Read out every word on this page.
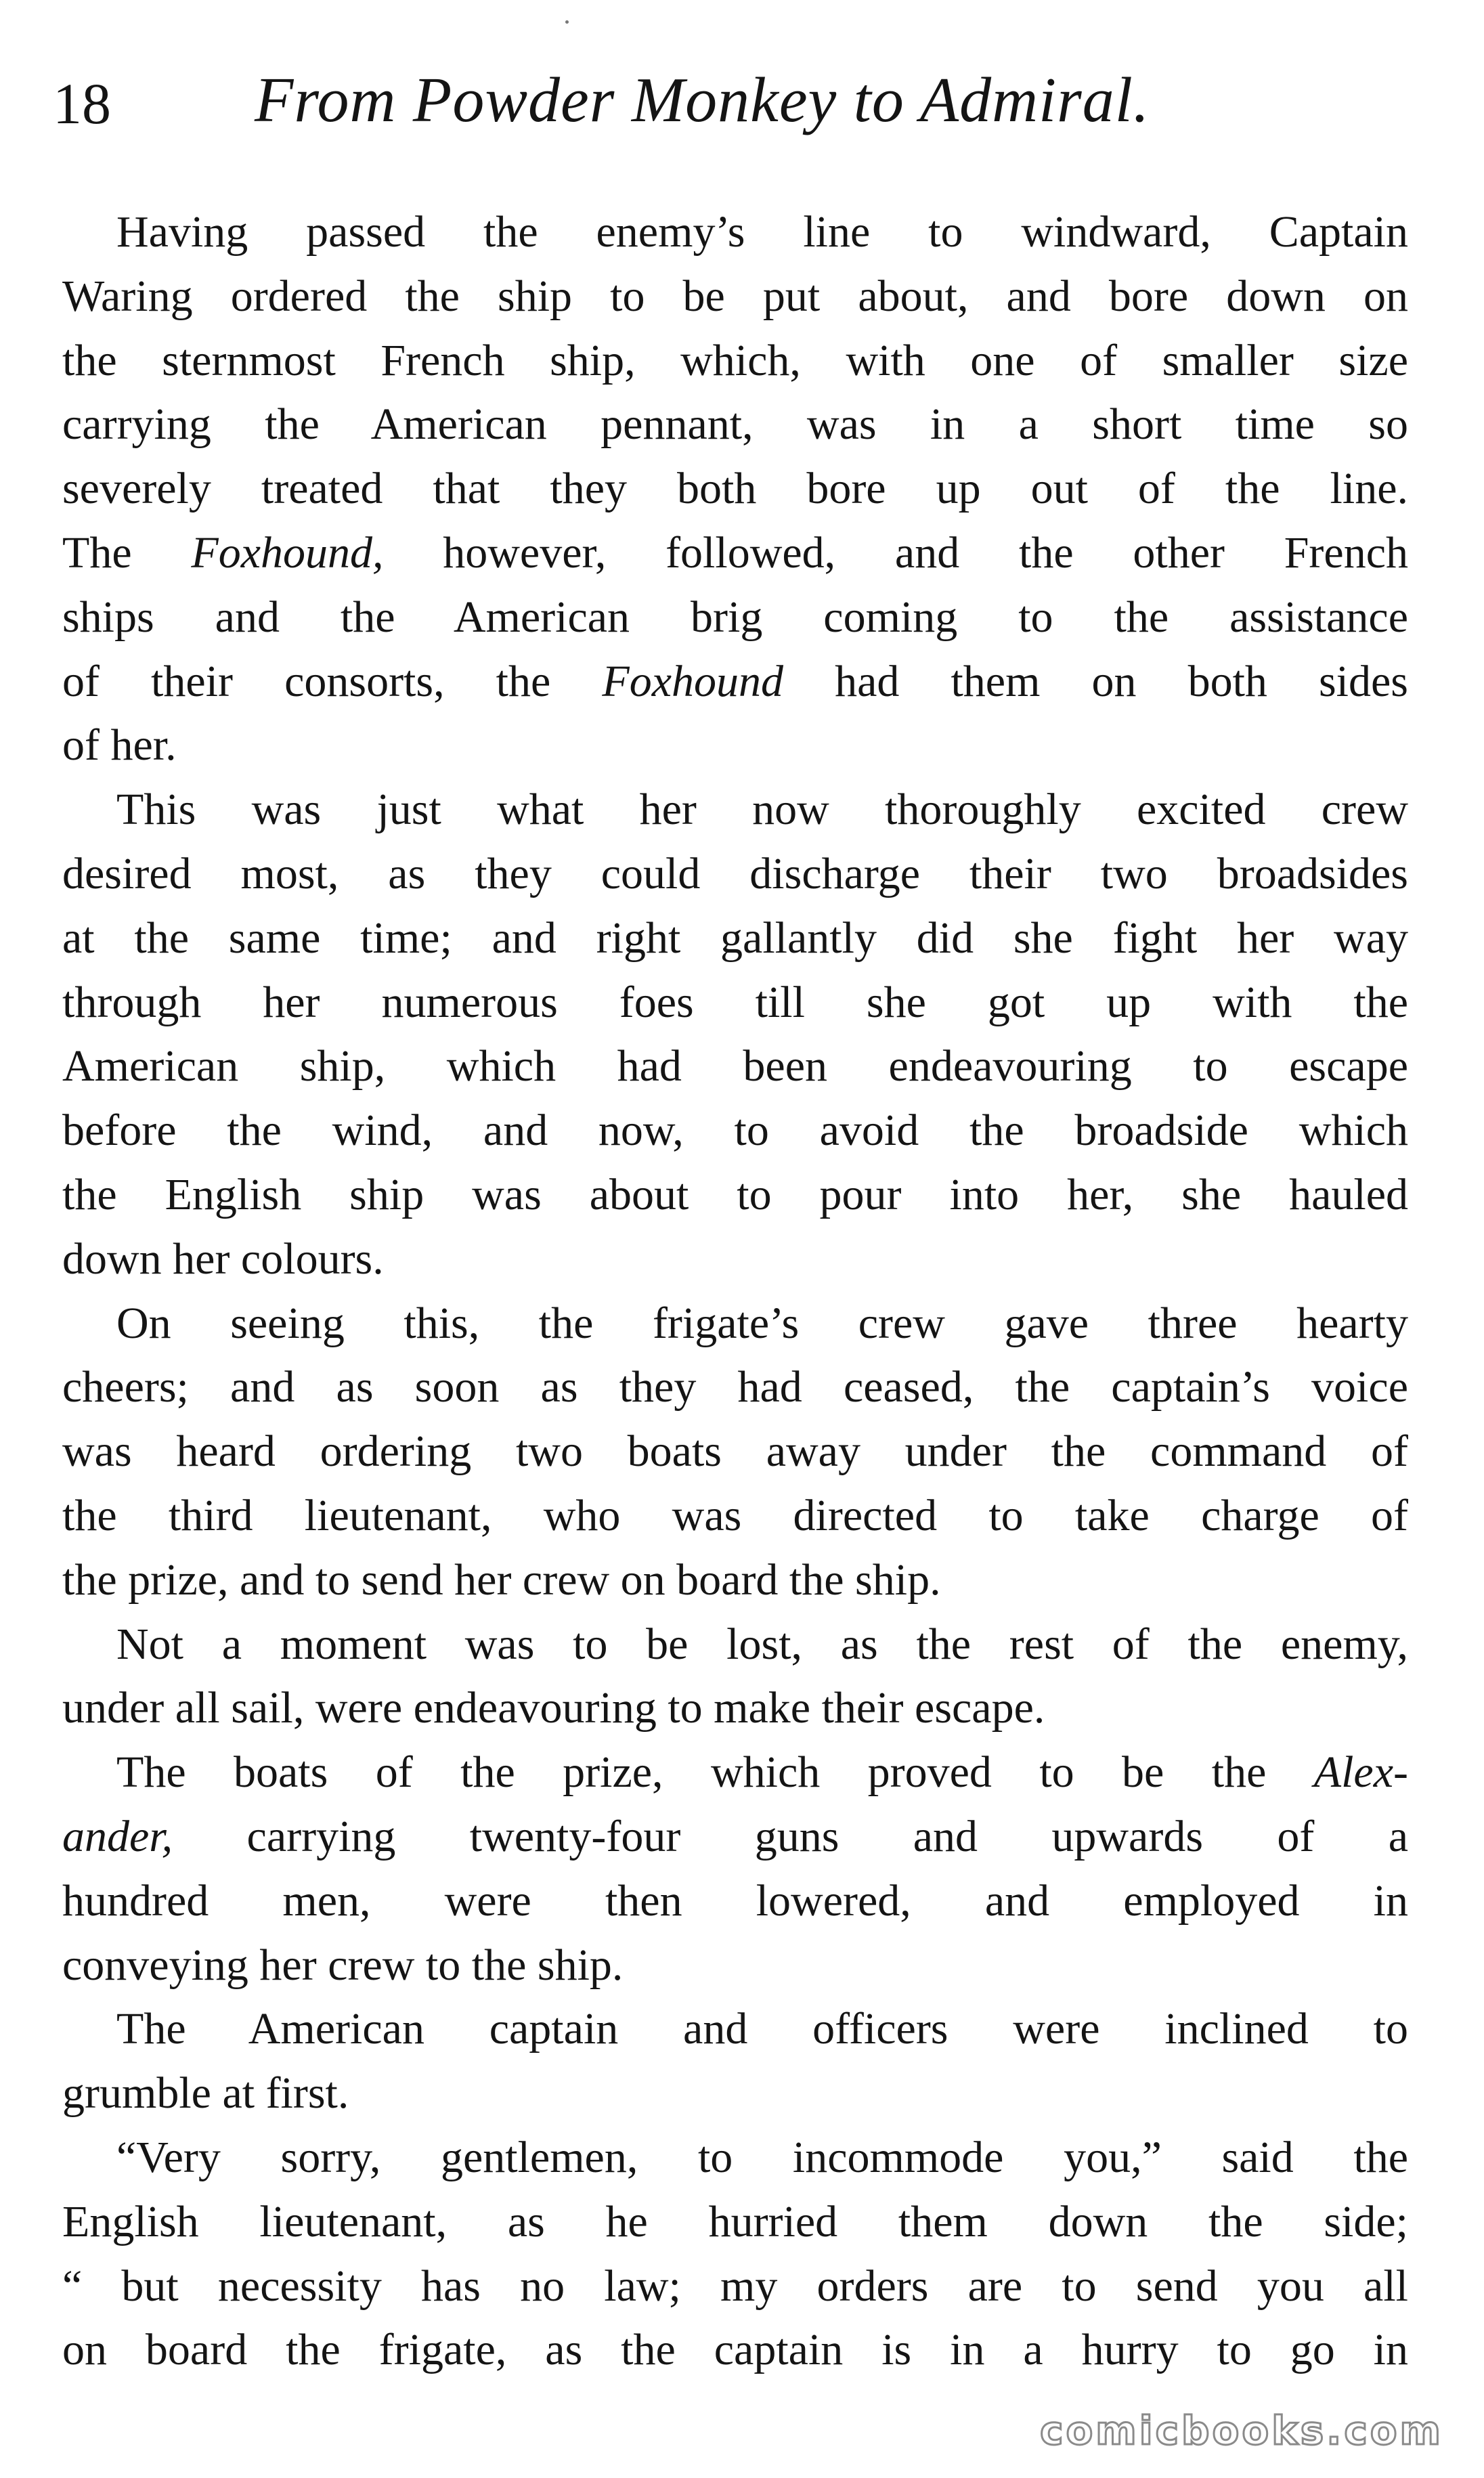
18 From Powder Monkey to Admiral.
Having passed the enemy’s line to windward, Captain
Waring ordered the ship to be put about, and bore down on
the sternmost French ship, which, with one of smaller size
carrying the American pennant, was in a short time so
severely treated that they both bore up out of the line.
The Foxhound, however, followed, and the other French
ships and the American brig coming to the assistance
of their consorts, the Foxhound had them on both sides
of her.
This was just what her now thoroughly excited crew
desired most, as they could discharge their two broadsides
at the same time; and right gallantly did she fight her way
through her numerous foes till she got up with the
American ship, which had been endeavouring to escape
before the wind, and now, to avoid the broadside which
the English ship was about to pour into her, she hauled
down her colours.
On seeing this, the frigate’s crew gave three hearty
cheers; and as soon as they had ceased, the captain’s voice
was heard ordering two boats away under the command of
the third lieutenant, who was directed to take charge of
the prize, and to send her crew on board the ship.
Not a moment was to be lost, as the rest of the enemy,
under all sail, were endeavouring to make their escape.
The boats of the prize, which proved to be the Alex-
ander, carrying twenty-four guns and upwards of a
hundred men, were then lowered, and employed in
conveying her crew to the ship.
The American captain and officers were inclined to
grumble at first.
“Very sorry, gentlemen, to incommode you,” said the
English lieutenant, as he hurried them down the side;
“ but necessity has no law; my orders are to send you all
on board the frigate, as the captain is in a hurry to go in
comicbooks.com
